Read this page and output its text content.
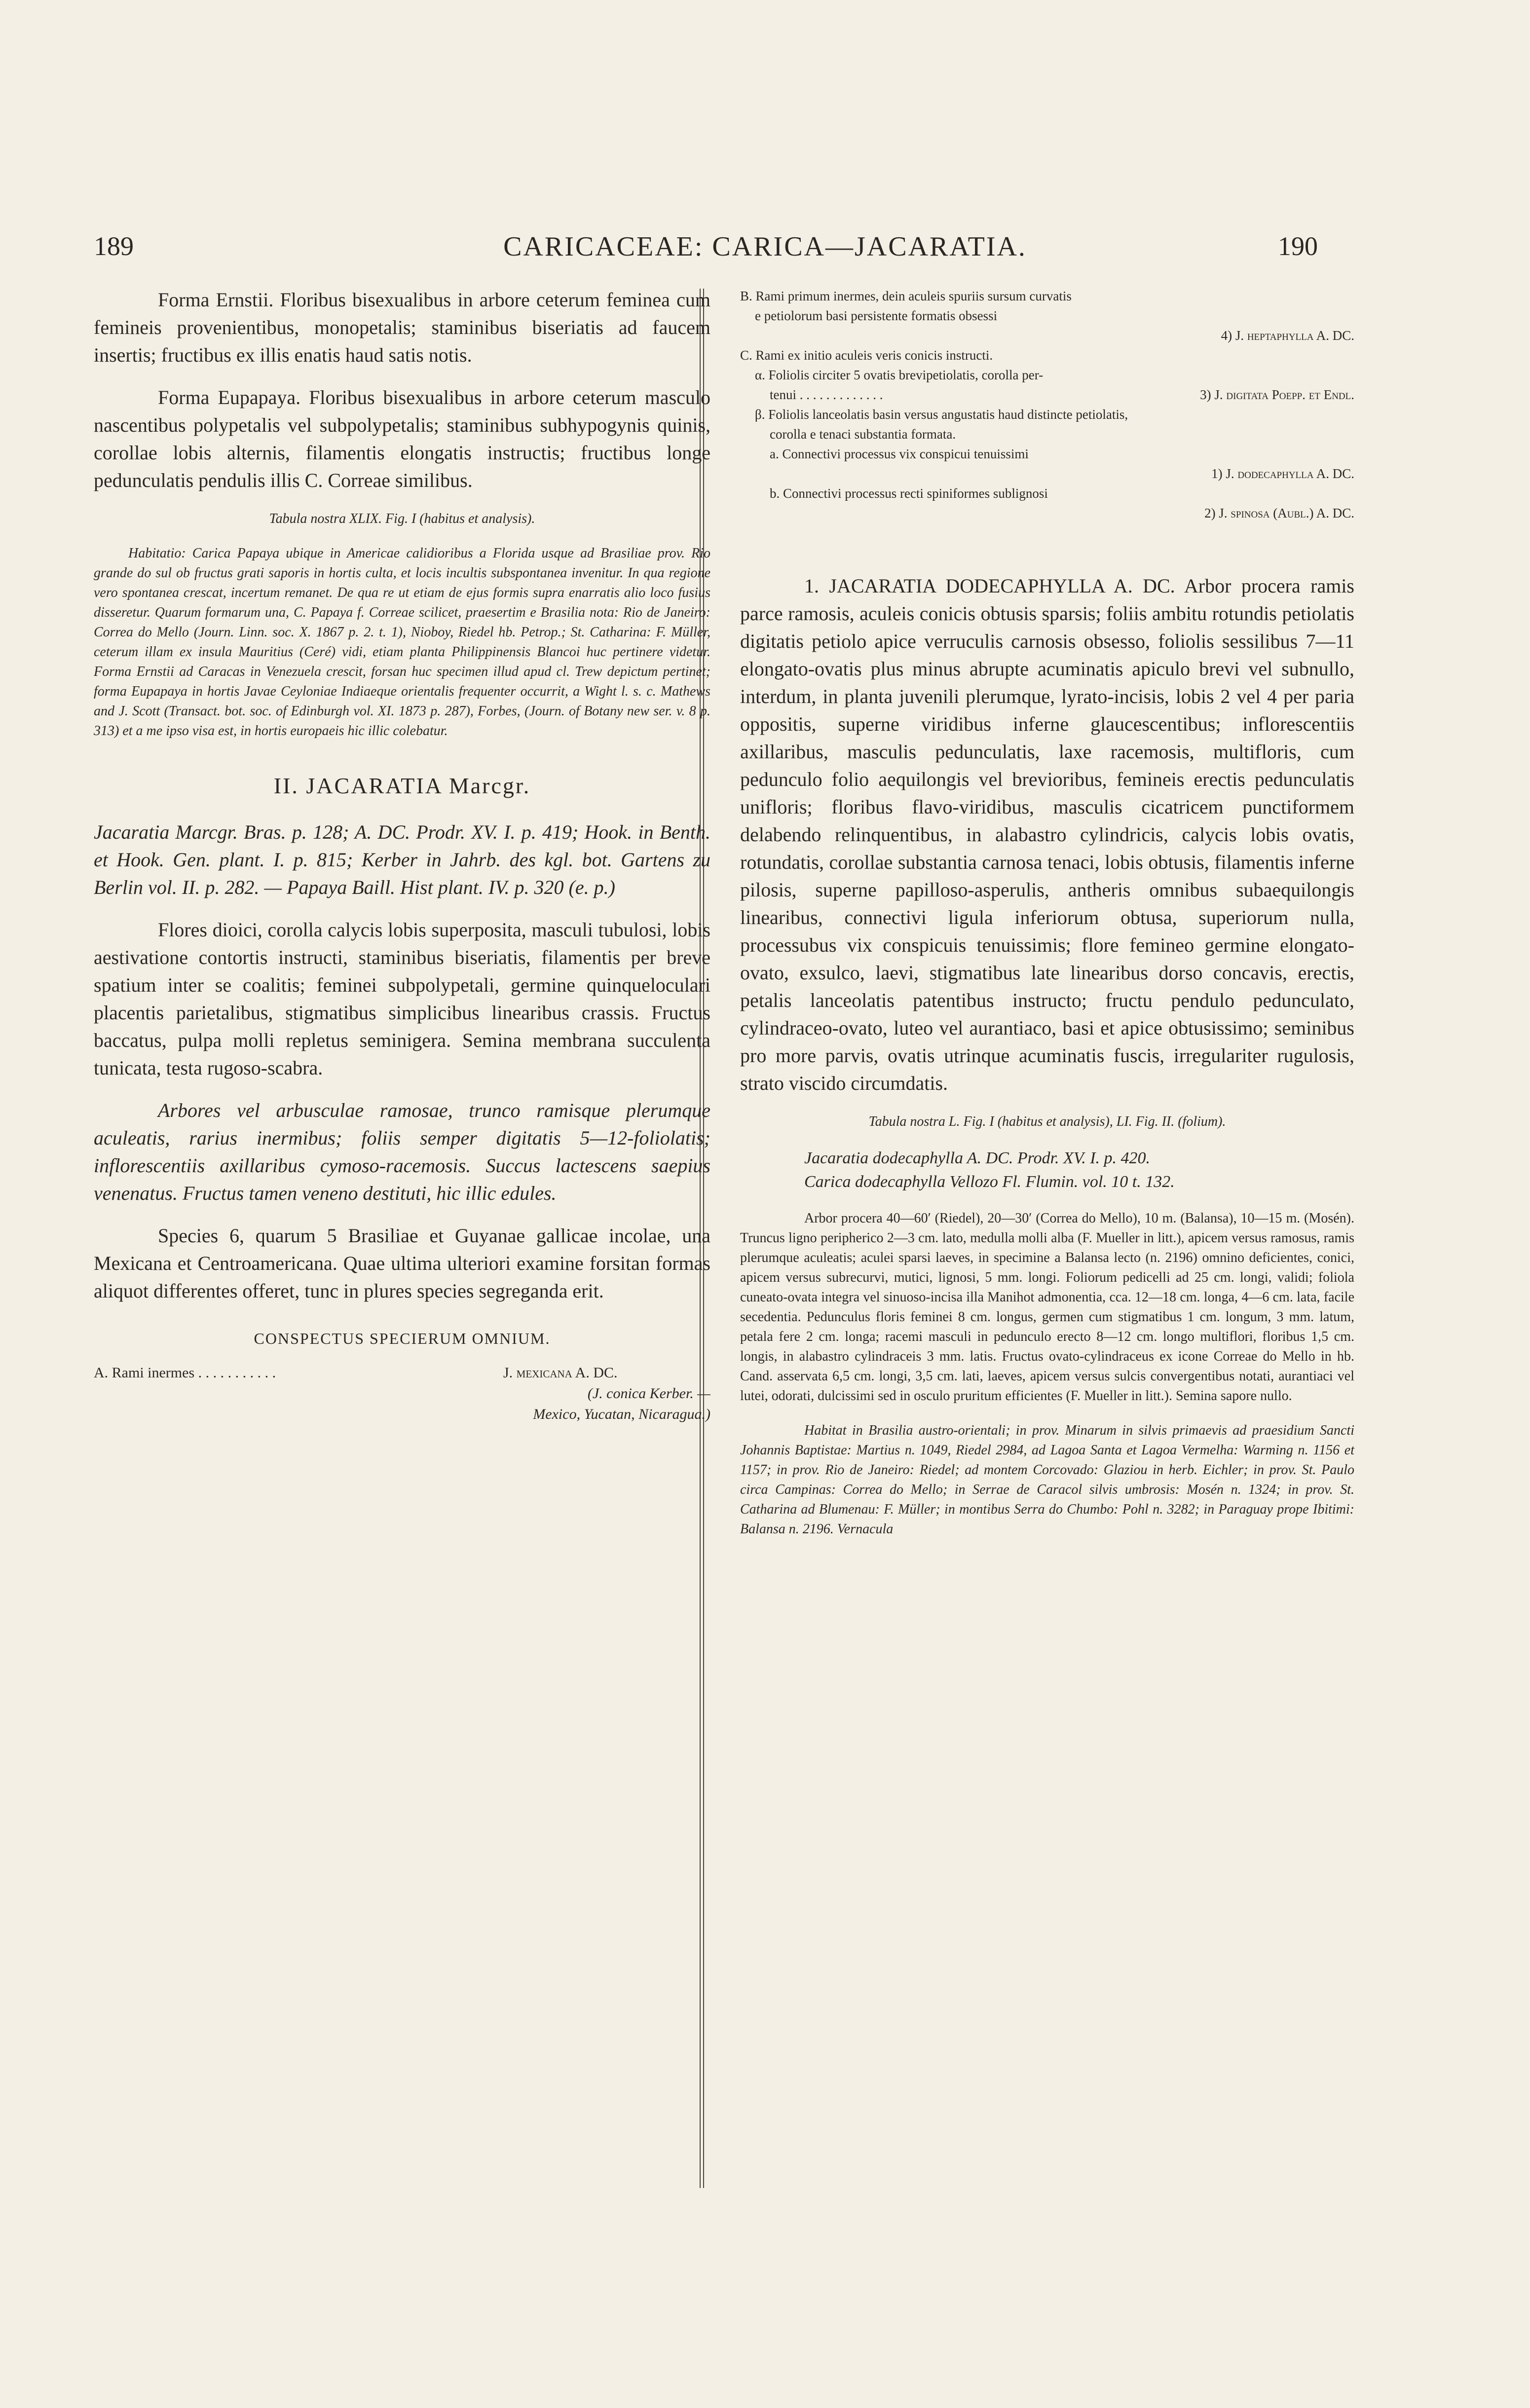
189	CARICACEAE: CARICA—JACARATIA.	190

Forma Ernstii. Floribus bisexualibus in arbore ceterum feminea cum femineis provenientibus, monopetalis; staminibus biseriatis ad faucem insertis; fructibus ex illis enatis haud satis notis.

Forma Eupapaya. Floribus bisexualibus in arbore ceterum masculo nascentibus polypetalis vel subpolypetalis; staminibus subhypogynis quinis, corollae lobis alternis, filamentis elongatis instructis; fructibus longe pedunculatis pendulis illis C. Correae similibus.

Tabula nostra XLIX. Fig. I (habitus et analysis).

Habitatio: Carica Papaya ubique in Americae calidioribus a Florida usque ad Brasiliae prov. Rio grande do sul ob fructus grati saporis in hortis culta, et locis incultis subspontanea invenitur. In qua regione vero spontanea crescat, incertum remanet. De qua re ut etiam de ejus formis supra enarratis alio loco fusius disseretur. Quarum formarum una, C. Papaya f. Correae scilicet, praesertim e Brasilia nota: Rio de Janeiro: Correa do Mello (Journ. Linn. soc. X. 1867 p. 2. t. 1), Nioboy, Riedel hb. Petrop.; St. Catharina: F. Müller, ceterum illam ex insula Mauritius (Ceré) vidi, etiam planta Philippinensis Blancoi huc pertinere videtur. Forma Ernstii ad Caracas in Venezuela crescit, forsan huc specimen illud apud cl. Trew depictum pertinet; forma Eupapaya in hortis Javae Ceyloniae Indiaeque orientalis frequenter occurrit, a Wight l. s. c. Mathews and J. Scott (Transact. bot. soc. of Edinburgh vol. XI. 1873 p. 287), Forbes, (Journ. of Botany new ser. v. 8 p. 313) et a me ipso visa est, in hortis europaeis hic illic colebatur.

II. JACARATIA Marcgr.

Jacaratia Marcgr. Bras. p. 128; A. DC. Prodr. XV. I. p. 419; Hook. in Benth. et Hook. Gen. plant. I. p. 815; Kerber in Jahrb. des kgl. bot. Gartens zu Berlin vol. II. p. 282. — Papaya Baill. Hist plant. IV. p. 320 (e. p.)

Flores dioici, corolla calycis lobis superposita, masculi tubulosi, lobis aestivatione contortis instructi, staminibus biseriatis, filamentis per breve spatium inter se coalitis; feminei subpolypetali, germine quinqueloculari placentis parietalibus, stigmatibus simplicibus linearibus crassis. Fructus baccatus, pulpa molli repletus seminigera. Semina membrana succulenta tunicata, testa rugoso-scabra.

Arbores vel arbusculae ramosae, trunco ramisque plerumque aculeatis, rarius inermibus; foliis semper digitatis 5—12-foliolatis; inflorescentiis axillaribus cymoso-racemosis. Succus lactescens saepius venenatus. Fructus tamen veneno destituti, hic illic edules.

Species 6, quarum 5 Brasiliae et Guyanae gallicae incolae, una Mexicana et Centroamericana. Quae ultima ulteriori examine forsitan formas aliquot differentes offeret, tunc in plures species segreganda erit.

CONSPECTUS SPECIERUM OMNIUM.
A. Rami inermes . . . . . . . . . . .	J. mexicana A. DC.
(J. conica Kerber. —
Mexico, Yucatan, Nicaragua.)
B. Rami primum inermes, dein aculeis spuriis sursum curvatis
e petiolorum basi persistente formatis obsessi
4) J. heptaphylla A. DC.
C. Rami ex initio aculeis veris conicis instructi.
α. Foliolis circiter 5 ovatis brevipetiolatis, corolla per-
tenui . . . . . . . . . . . . .	3) J. digitata Poepp. et Endl.
β. Foliolis lanceolatis basin versus angustatis haud distincte petiolatis,
corolla e tenaci substantia formata.
a. Connectivi processus vix conspicui tenuissimi
1) J. dodecaphylla A. DC.
b. Connectivi processus recti spiniformes sublignosi
2) J. spinosa (Aubl.) A. DC.

1. JACARATIA DODECAPHYLLA A. DC. Arbor procera ramis parce ramosis, aculeis conicis obtusis sparsis; foliis ambitu rotundis petiolatis digitatis petiolo apice verruculis carnosis obsesso, foliolis sessilibus 7—11 elongato-ovatis plus minus abrupte acuminatis apiculo brevi vel subnullo, interdum, in planta juvenili plerumque, lyrato-incisis, lobis 2 vel 4 per paria oppositis, superne viridibus inferne glaucescentibus; inflorescentiis axillaribus, masculis pedunculatis, laxe racemosis, multifloris, cum pedunculo folio aequilongis vel brevioribus, femineis erectis pedunculatis unifloris; floribus flavo-viridibus, masculis cicatricem punctiformem delabendo relinquentibus, in alabastro cylindricis, calycis lobis ovatis, rotundatis, corollae substantia carnosa tenaci, lobis obtusis, filamentis inferne pilosis, superne papilloso-asperulis, antheris omnibus subaequilongis linearibus, connectivi ligula inferiorum obtusa, superiorum nulla, processubus vix conspicuis tenuissimis; flore femineo germine elongato-ovato, exsulco, laevi, stigmatibus late linearibus dorso concavis, erectis, petalis lanceolatis patentibus instructo; fructu pendulo pedunculato, cylindraceo-ovato, luteo vel aurantiaco, basi et apice obtusissimo; seminibus pro more parvis, ovatis utrinque acuminatis fuscis, irregulariter rugulosis, strato viscido circumdatis.

Tabula nostra L. Fig. I (habitus et analysis), LI. Fig. II. (folium).

Jacaratia dodecaphylla A. DC. Prodr. XV. I. p. 420.

Carica dodecaphylla Vellozo Fl. Flumin. vol. 10 t. 132.

Arbor procera 40—60′ (Riedel), 20—30′ (Correa do Mello), 10 m. (Balansa), 10—15 m. (Mosén). Truncus ligno peripherico 2—3 cm. lato, medulla molli alba (F. Mueller in litt.), apicem versus ramosus, ramis plerumque aculeatis; aculei sparsi laeves, in specimine a Balansa lecto (n. 2196) omnino deficientes, conici, apicem versus subrecurvi, mutici, lignosi, 5 mm. longi. Foliorum pedicelli ad 25 cm. longi, validi; foliola cuneato-ovata integra vel sinuoso-incisa illa Manihot admonentia, cca. 12—18 cm. longa, 4—6 cm. lata, facile secedentia. Pedunculus floris feminei 8 cm. longus, germen cum stigmatibus 1 cm. longum, 3 mm. latum, petala fere 2 cm. longa; racemi masculi in pedunculo erecto 8—12 cm. longo multiflori, floribus 1,5 cm. longis, in alabastro cylindraceis 3 mm. latis. Fructus ovato-cylindraceus ex icone Correae do Mello in hb. Cand. asservata 6,5 cm. longi, 3,5 cm. lati, laeves, apicem versus sulcis convergentibus notati, aurantiaci vel lutei, odorati, dulcissimi sed in osculo pruritum efficientes (F. Mueller in litt.). Semina sapore nullo.

Habitat in Brasilia austro-orientali; in prov. Minarum in silvis primaevis ad praesidium Sancti Johannis Baptistae: Martius n. 1049, Riedel 2984, ad Lagoa Santa et Lagoa Vermelha: Warming n. 1156 et 1157; in prov. Rio de Janeiro: Riedel; ad montem Corcovado: Glaziou in herb. Eichler; in prov. St. Paulo circa Campinas: Correa do Mello; in Serrae de Caracol silvis umbrosis: Mosén n. 1324; in prov. St. Catharina ad Blumenau: F. Müller; in montibus Serra do Chumbo: Pohl n. 3282; in Paraguay prope Ibitimi: Balansa n. 2196. Vernacula
